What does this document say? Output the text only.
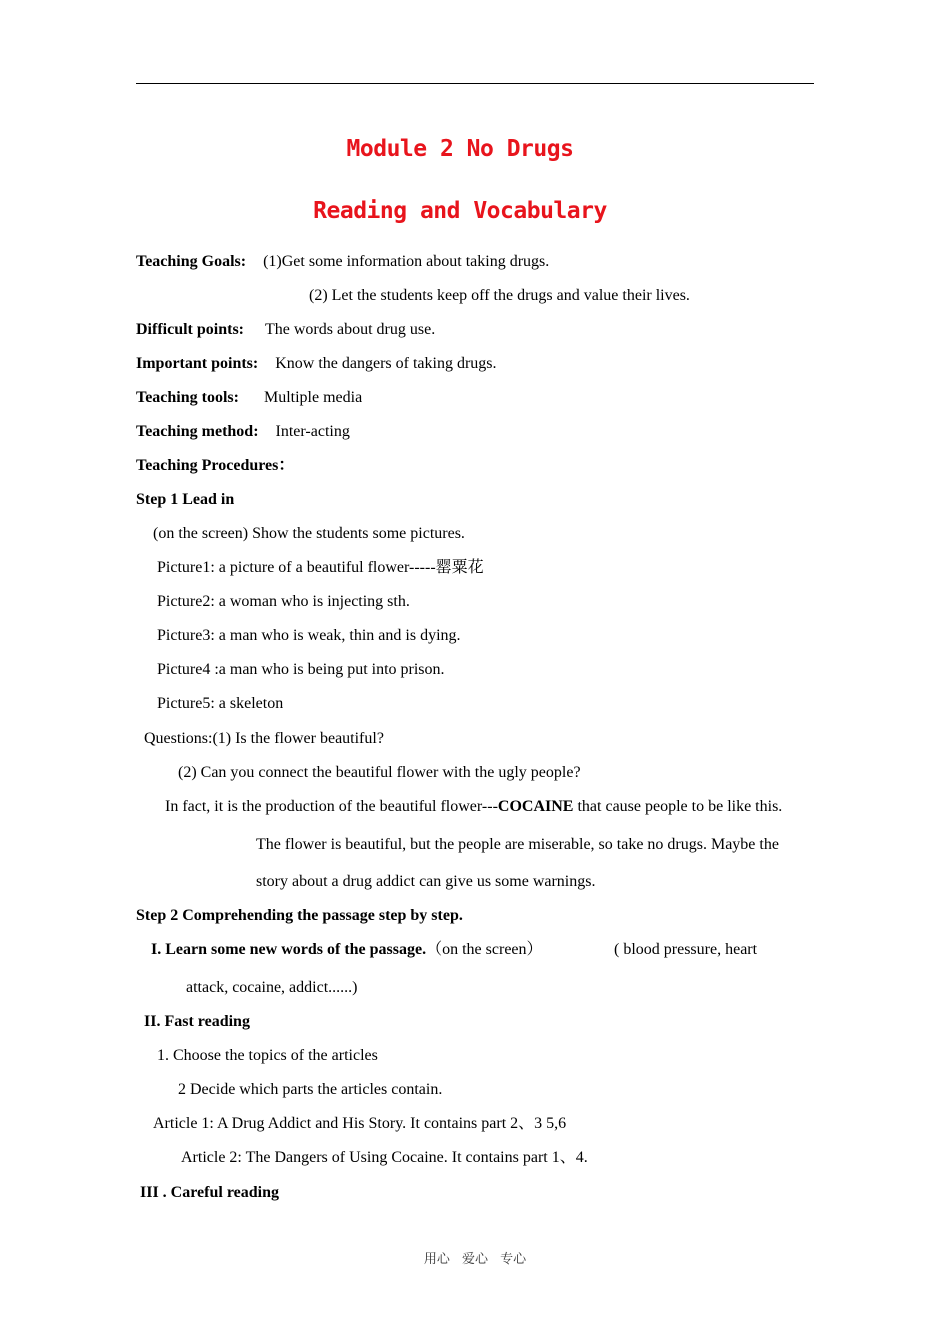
Module 2 No Drugs
Reading and Vocabulary
Teaching Goals: (1)Get some information about taking drugs.
(2) Let the students keep off the drugs and value their lives.
Difficult points: The words about drug use.
Important points: Know the dangers of taking drugs.
Teaching tools: Multiple media
Teaching method: Inter-acting
Teaching Procedures：
Step 1 Lead in
(on the screen) Show the students some pictures.
Picture1: a picture of a beautiful flower-----罂粟花
Picture2: a woman who is injecting sth.
Picture3: a man who is weak, thin and is dying.
Picture4 :a man who is being put into prison.
Picture5: a skeleton
Questions:(1) Is the flower beautiful?
(2) Can you connect the beautiful flower with the ugly people?
In fact, it is the production of the beautiful flower---COCAINE that cause people to be like this.
The flower is beautiful, but the people are miserable, so take no drugs. Maybe the
story about a drug addict can give us some warnings.
Step 2 Comprehending the passage step by step.
I. Learn some new words of the passage.（on the screen）	( blood pressure, heart
attack, cocaine, addict......)
II. Fast reading
1. Choose the topics of the articles
2 Decide which parts the articles contain.
Article 1: A Drug Addict and His Story. It contains part 2、3 5,6
Article 2: The Dangers of Using Cocaine. It contains part 1、4.
III . Careful reading
用心 爱心 专心
